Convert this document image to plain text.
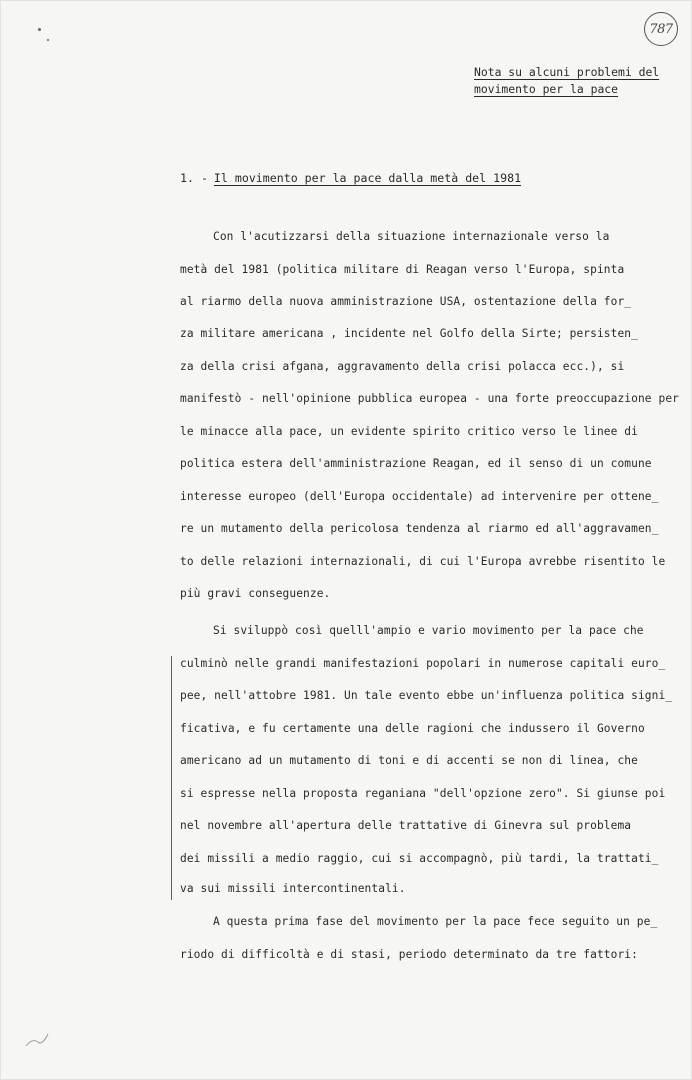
787
Nota su alcuni problemi del
movimento per la pace
1. - Il movimento per la pace dalla metà del 1981
Con l'acutizzarsi della situazione internazionale verso la
metà del 1981 (politica militare di Reagan verso l'Europa, spinta
al riarmo della nuova amministrazione USA, ostentazione della for_
za militare americana , incidente nel Golfo della Sirte; persisten_
za della crisi afgana, aggravamento della crisi polacca ecc.), si
manifestò - nell'opinione pubblica europea - una forte preoccupazione per
le minacce alla pace, un evidente spirito critico verso le linee di
politica estera dell'amministrazione Reagan, ed il senso di un comune
interesse europeo (dell'Europa occidentale) ad intervenire per ottene_
re un mutamento della pericolosa tendenza al riarmo ed all'aggravamen_
to delle relazioni internazionali, di cui l'Europa avrebbe risentito le
più gravi conseguenze.
Si sviluppò così quelll'ampio e vario movimento per la pace che
culminò nelle grandi manifestazioni popolari in numerose capitali euro_
pee, nell'attobre 1981. Un tale evento ebbe un'influenza politica signi_
ficativa, e fu certamente una delle ragioni che indussero il Governo
americano ad un mutamento di toni e di accenti se non di linea, che
si espresse nella proposta reganiana "dell'opzione zero". Si giunse poi
nel novembre all'apertura delle trattative di Ginevra sul problema
dei missili a medio raggio, cui si accompagnò, più tardi, la trattati_
va sui missili intercontinentali.
A questa prima fase del movimento per la pace fece seguito un pe_
riodo di difficoltà e di stasi, periodo determinato da tre fattori:
